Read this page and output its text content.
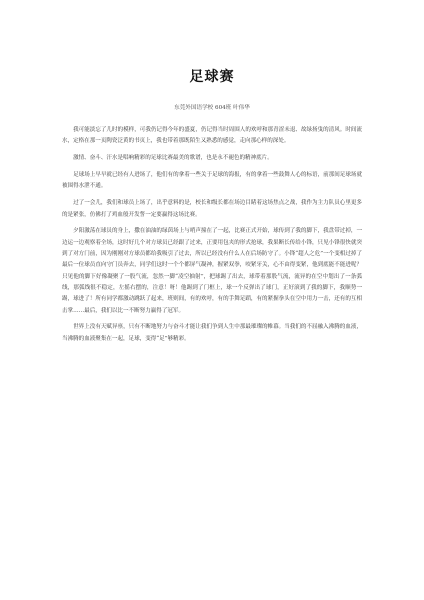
足球赛
东莞外国语学校 604班 叶伟华

我可能淡忘了儿时的模样，可我仍记得今年的盛夏，仍记得当时周围人的欢呼和那青涩未退、故绿扬曳的清风。时间流水，定格在那一页陶瓷泛黄的书页上，我也带着那既陌生又熟悉的感觉，走向那心样的深处。

激情、奋斗、汗水是唱响精彩的足球比赛最美的歌谱，也是永不褪色的精神底片。

足球场上早早就已经有人进场了，他们有的拿着一些关于足球的海报，有的拿着一些鼓舞人心的标语，前那间足球场就被围得水泄不通。

过了一会儿，我们和球员上场了，出乎意料的是，校长和级长都在场边目睹着这场焦点之战，我作为主力队员心里更多的是紧张，仿佛打了鸡血般开发誓一定要赢得这场比赛。

夕阳激荡在球员的身上，撒在油油的绿茵场上与哨声撞在了一起，比赛正式开始，球传到了我的脚下，我盘带过掉，一边运一边观察着全场，这时好几个对方球员已经跟了过来，正要用包夹的形式抢球，我果断长传给小锋，只见小锋很快就突到了对方门前，因为刚刚对方球员都给我吸引了过去，所以已经没有什么人在后场防守了。小锋“超人之危”一个变相过掉了最后一位球员直向守门员奔去，同学们这时一个个都屏气凝神，握紧双拳，咬紧牙关，心不由得变紧，他到底能不能进呢？只见他的脚下好像凝聚了一股气流，忽然一脚“凌空抽射”，把球踢了出去，球带着那股气流，流异的在空中划出了一条弧线，那弧线很不稳定，左摇右摆的，注意！呀！他踢到了门框上，球一个反弹出了球门，正好滚到了我的脚下，我顺势一踢，球进了！所有同学都激动跳跃了起来，班则间，有的欢呼，有的手舞足蹈，有的紧握拳头在空中用力一击，还有的互相击掌……最后，我们以比一不断努力赢得了冠军。

世界上没有天赋异禀，只有不断地努力与奋斗才能让我们争到人生中那最璀璨的帷幕。当我们的不屈融入沸腾的血液，当沸腾的血液聚集在一起，足球，变得“足”够精彩。
